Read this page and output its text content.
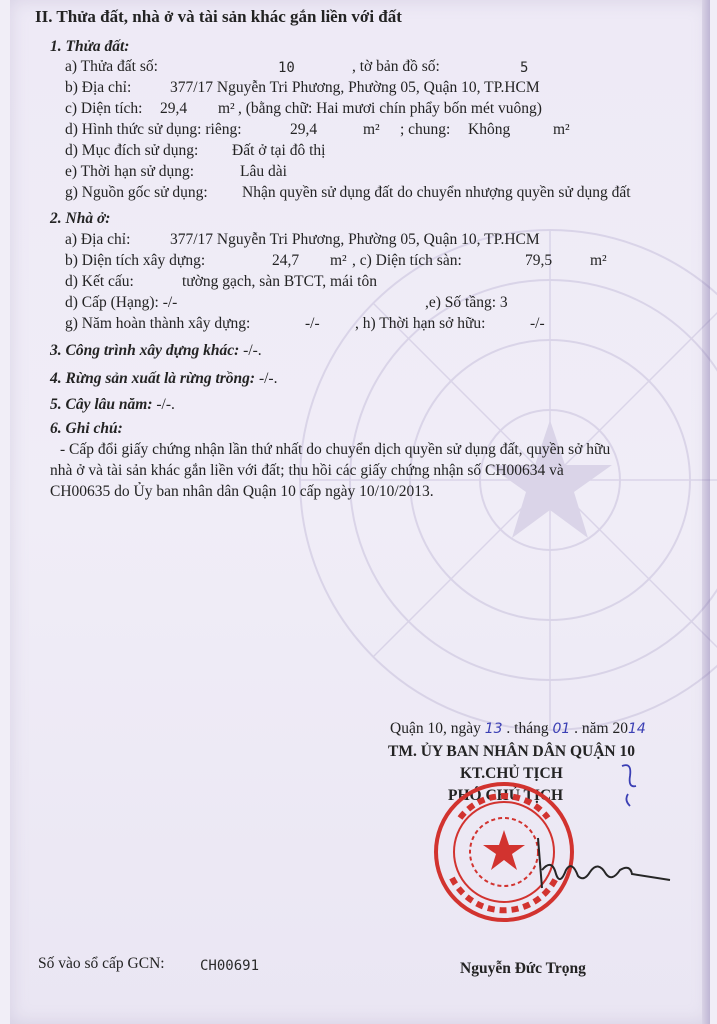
II. Thửa đất, nhà ở và tài sản khác gắn liền với đất
1. Thửa đất:
a) Thửa đất số:	10	, tờ bản đồ số:	5
b) Địa chỉ: 377/17 Nguyễn Tri Phương, Phường 05, Quận 10, TP.HCM
c) Diện tích: 29,4 m² , (bằng chữ: Hai mươi chín phẩy bốn mét vuông)
d) Hình thức sử dụng: riêng:	29,4	m² ; chung: Không	m²
d) Mục đích sử dụng: Đất ở tại đô thị
e) Thời hạn sử dụng:	Lâu dài
g) Nguồn gốc sử dụng: Nhận quyền sử dụng đất do chuyển nhượng quyền sử dụng đất
2. Nhà ở:
a) Địa chỉ:	377/17 Nguyễn Tri Phương, Phường 05, Quận 10, TP.HCM
b) Diện tích xây dựng:	24,7 m² , c) Diện tích sàn:	79,5 m²
d) Kết cấu:	tường gạch, sàn BTCT, mái tôn
d) Cấp (Hạng): -/-	,e) Số tầng: 3
g) Năm hoàn thành xây dựng:	-/- , h) Thời hạn sở hữu:	-/-
3. Công trình xây dựng khác: -/-.
4. Rừng sản xuất là rừng trồng: -/-.
5. Cây lâu năm: -/-.
6. Ghi chú:
- Cấp đổi giấy chứng nhận lần thứ nhất do chuyển dịch quyền sử dụng đất, quyền sở hữu
nhà ở và tài sản khác gắn liền với đất; thu hồi các giấy chứng nhận số CH00634 và
CH00635 do Ủy ban nhân dân Quận 10 cấp ngày 10/10/2013.
Quận 10, ngày 13 . tháng 01 . năm 2014
TM. ỦY BAN NHÂN DÂN QUẬN 10
KT.CHỦ TỊCH
PHÓ CHỦ TỊCH
Nguyễn Đức Trọng
Số vào sổ cấp GCN:	CH00691
